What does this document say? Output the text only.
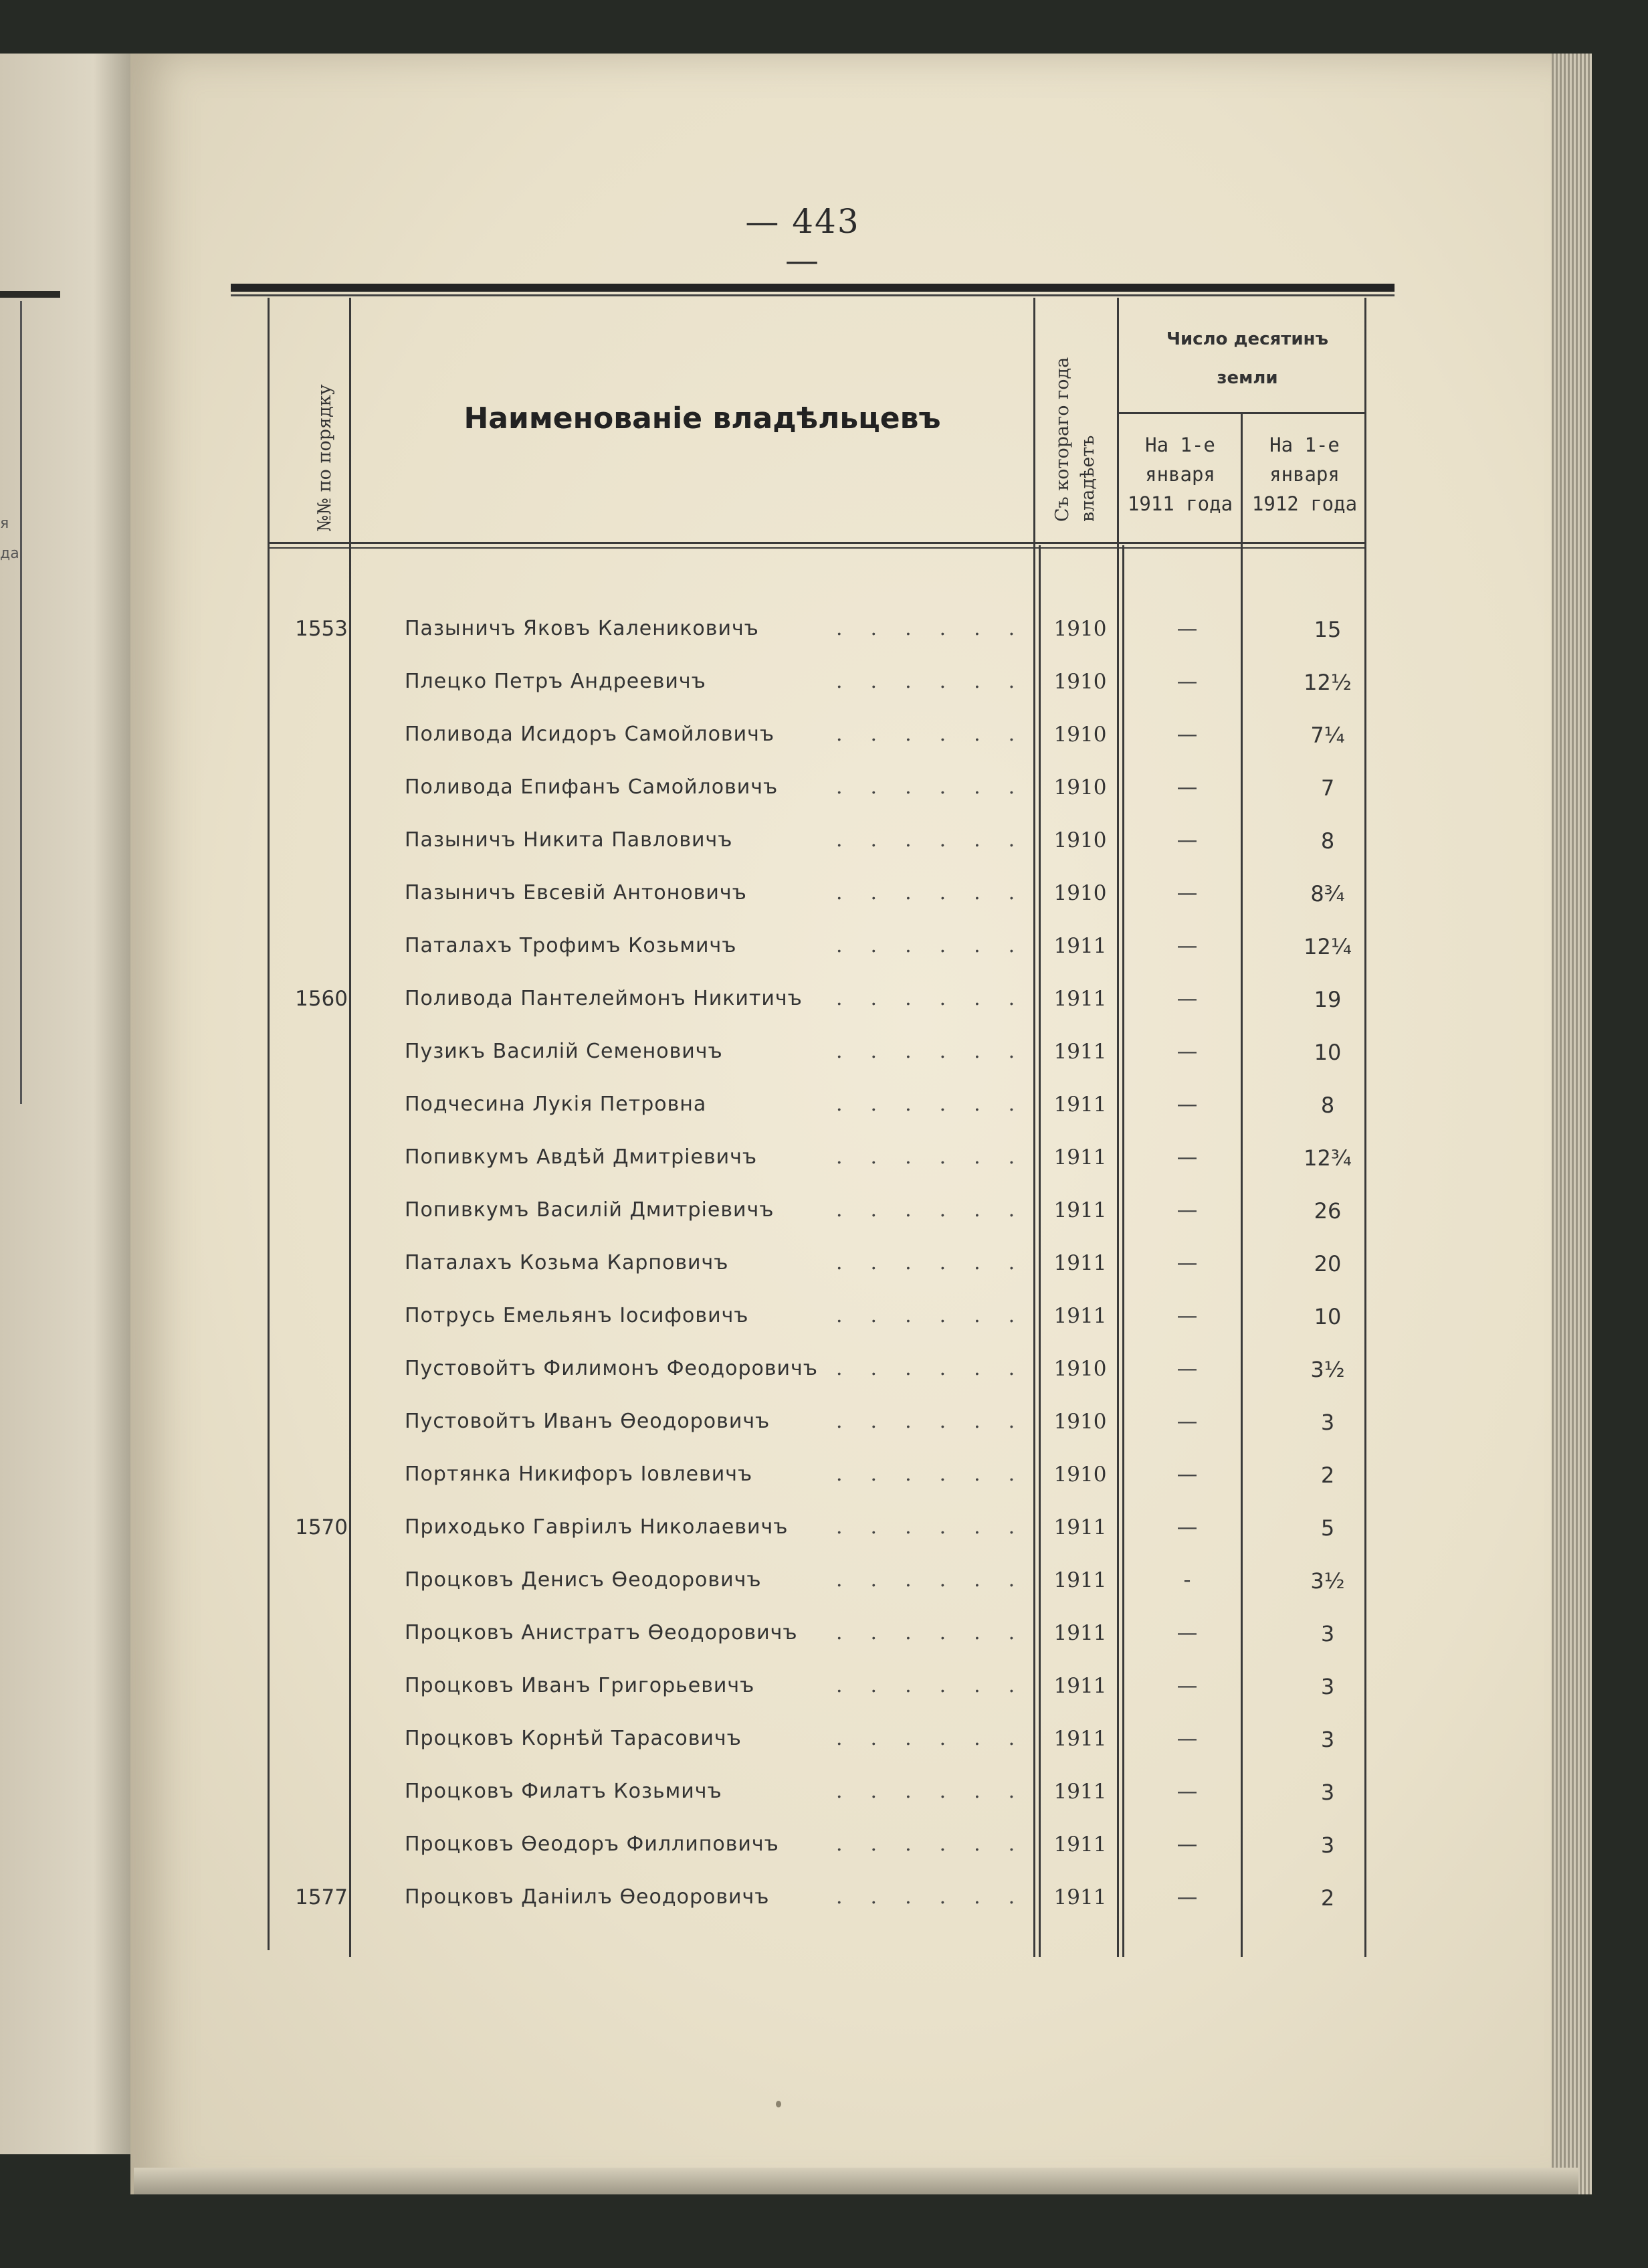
я
да
— 443 —
№№ по порядку	Наименованіе владѣльцевъ	Съ котораго года владѣетъ
Число десятинъ
земли
На 1-е
января
1911 года
На 1-е
января
1912 года
1553	Пазыничъ Яковъ Калениковичъ	...... 1910	—	15
Плецко Петръ Андреевичъ	...... 1910	—	12½
Поливода Исидоръ Самойловичъ	...... 1910	—	7¼
Поливода Епифанъ Самойловичъ	...... 1910	—	7
Пазыничъ Никита Павловичъ	...... 1910	—	8
Пазыничъ Евсевій Антоновичъ	...... 1910	—	8¾
Паталахъ Трофимъ Козьмичъ	...... 1911	—	12¼
1560	Поливода Пантелеймонъ Никитичъ	...... 1911	—	19
Пузикъ Василій Семеновичъ	...... 1911	—	10
Подчесина Лукія Петровна	...... 1911	—	8
Попивкумъ Авдѣй Дмитріевичъ	...... 1911	—	12¾
Попивкумъ Василій Дмитріевичъ	...... 1911	—	26
Паталахъ Козьма Карповичъ	...... 1911	—	20
Потрусь Емельянъ Іосифовичъ	...... 1911	—	10
Пустовойтъ Филимонъ Феодоровичъ ...... 1910	—	3½
Пустовойтъ Иванъ Ѳеодоровичъ	...... 1910	—	3
Портянка Никифоръ Іовлевичъ	...... 1910	—	2
1570	Приходько Гавріилъ Николаевичъ	...... 1911	—	5
Процковъ Денисъ Ѳеодоровичъ	...... 1911	-	3½
Процковъ Анистратъ Ѳеодоровичъ	...... 1911	—	3
Процковъ Иванъ Григорьевичъ	...... 1911	—	3
Процковъ Корнѣй Тарасовичъ	...... 1911	—	3
Процковъ Филатъ Козьмичъ	...... 1911	—	3
Процковъ Ѳеодоръ Филлиповичъ	...... 1911	—	3
1577	Процковъ Даніилъ Ѳеодоровичъ	...... 1911	—	2
